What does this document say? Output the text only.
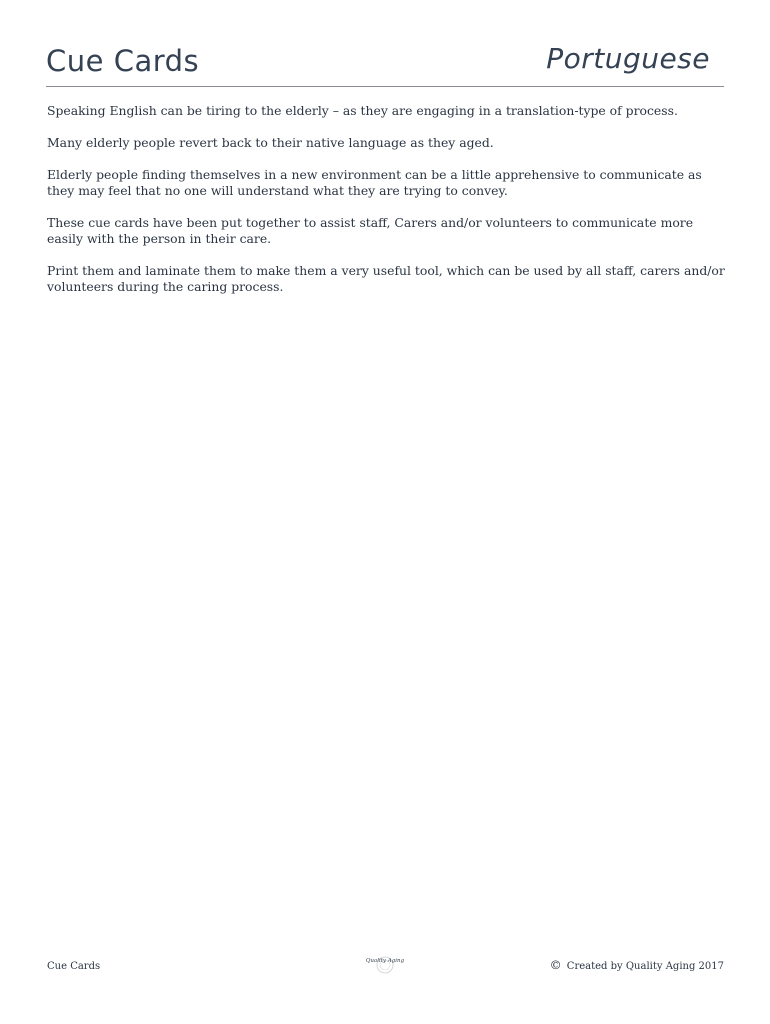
Cue Cards	Portuguese

Speaking English can be tiring to the elderly – as they are engaging in a translation-type of process.

Many elderly people revert back to their native language as they aged.

Elderly people finding themselves in a new environment can be a little apprehensive to communicate as they may feel that no one will understand what they are trying to convey.

These cue cards have been put together to assist staff, Carers and/or volunteers to communicate more easily with the person in their care.

Print them and laminate them to make them a very useful tool, which can be used by all staff, carers and/or volunteers during the caring process.

Cue Cards	Quality Aging	© Created by Quality Aging 2017
